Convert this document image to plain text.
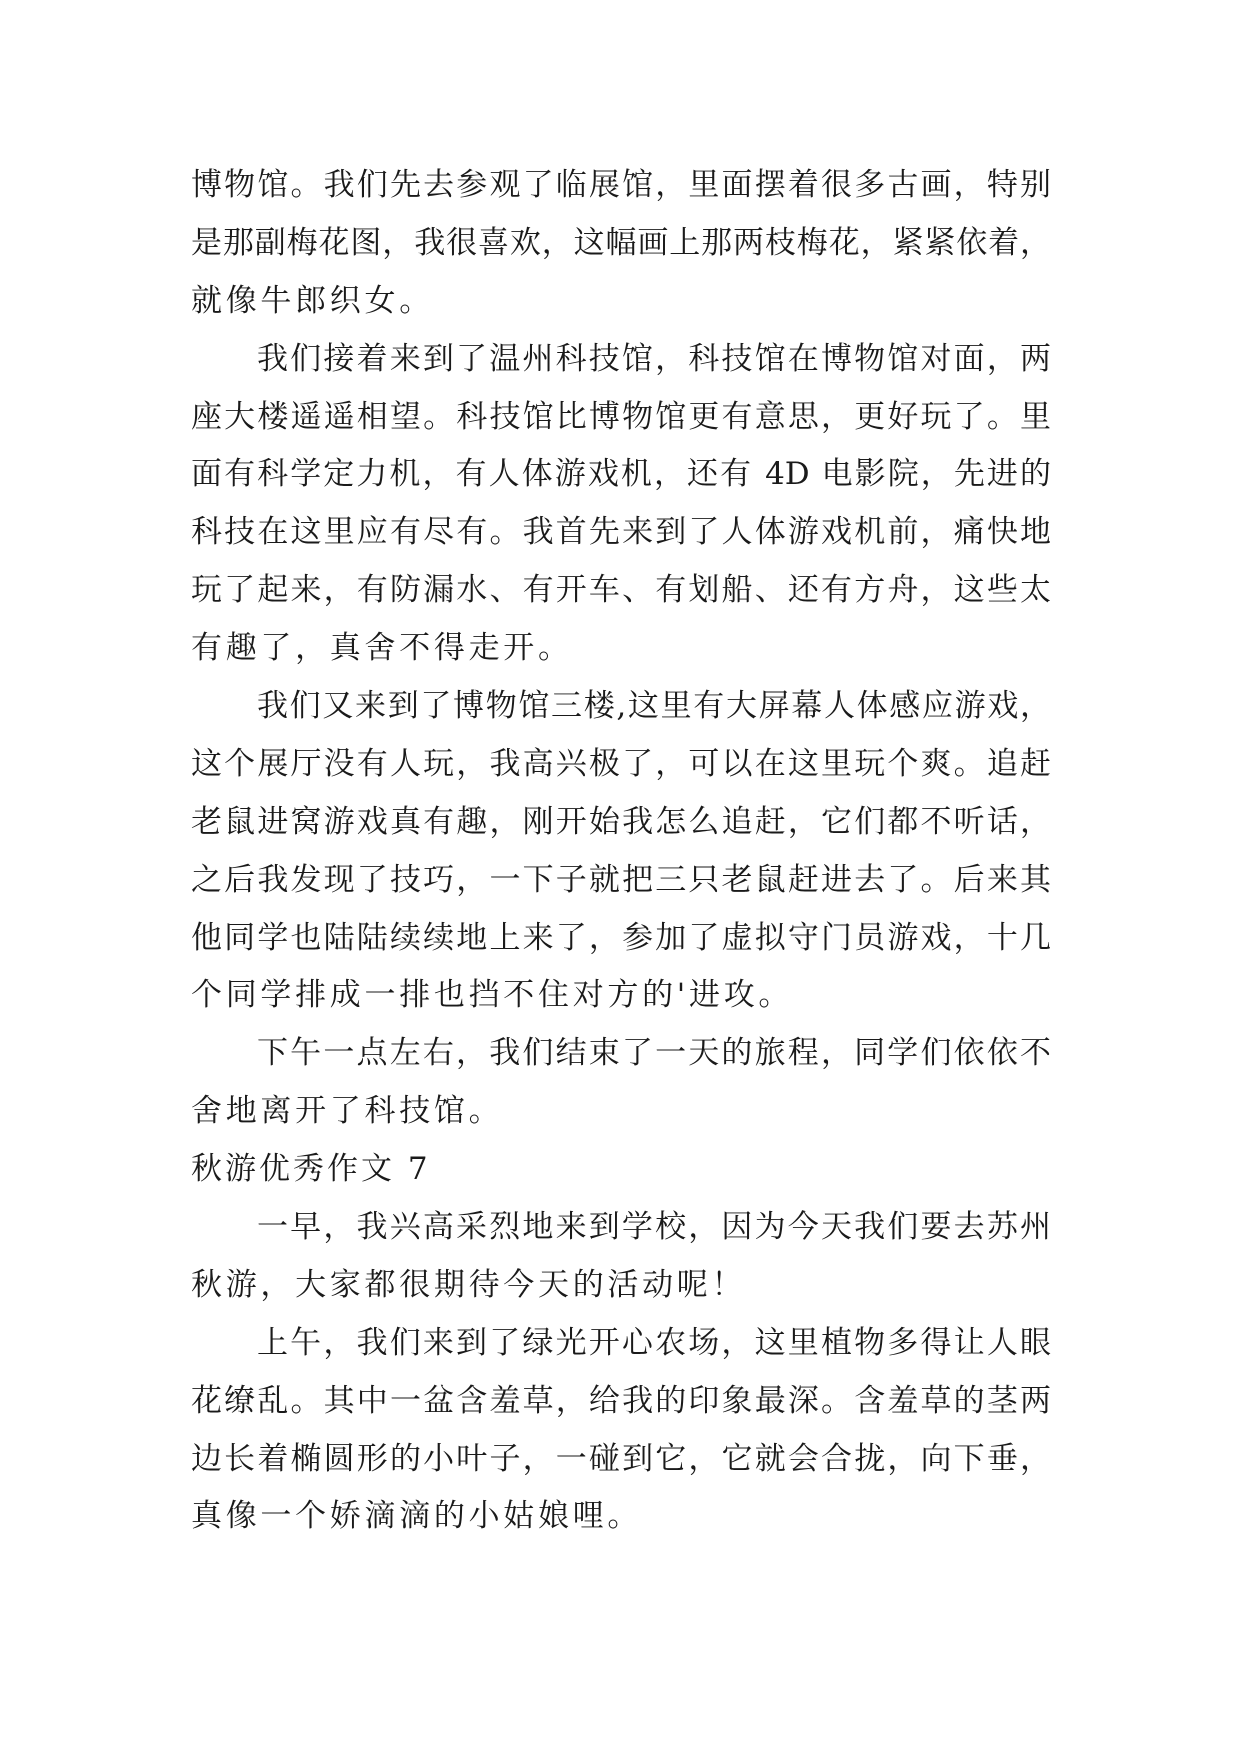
博物馆。我们先去参观了临展馆，里面摆着很多古画，特别
是那副梅花图，我很喜欢，这幅画上那两枝梅花，紧紧依着，
就像牛郎织女。
我们接着来到了温州科技馆，科技馆在博物馆对面，两
座大楼遥遥相望。科技馆比博物馆更有意思，更好玩了。里
面有科学定力机，有人体游戏机，还有 4D 电影院，先进的
科技在这里应有尽有。我首先来到了人体游戏机前，痛快地
玩了起来，有防漏水、有开车、有划船、还有方舟，这些太
有趣了，真舍不得走开。
我们又来到了博物馆三楼,这里有大屏幕人体感应游戏，
这个展厅没有人玩，我高兴极了，可以在这里玩个爽。追赶
老鼠进窝游戏真有趣，刚开始我怎么追赶，它们都不听话，
之后我发现了技巧，一下子就把三只老鼠赶进去了。后来其
他同学也陆陆续续地上来了，参加了虚拟守门员游戏，十几
个同学排成一排也挡不住对方的'进攻。
下午一点左右，我们结束了一天的旅程，同学们依依不
舍地离开了科技馆。
秋游优秀作文 7
一早，我兴高采烈地来到学校，因为今天我们要去苏州
秋游，大家都很期待今天的活动呢！
上午，我们来到了绿光开心农场，这里植物多得让人眼
花缭乱。其中一盆含羞草，给我的印象最深。含羞草的茎两
边长着椭圆形的小叶子，一碰到它，它就会合拢，向下垂，
真像一个娇滴滴的小姑娘哩。
